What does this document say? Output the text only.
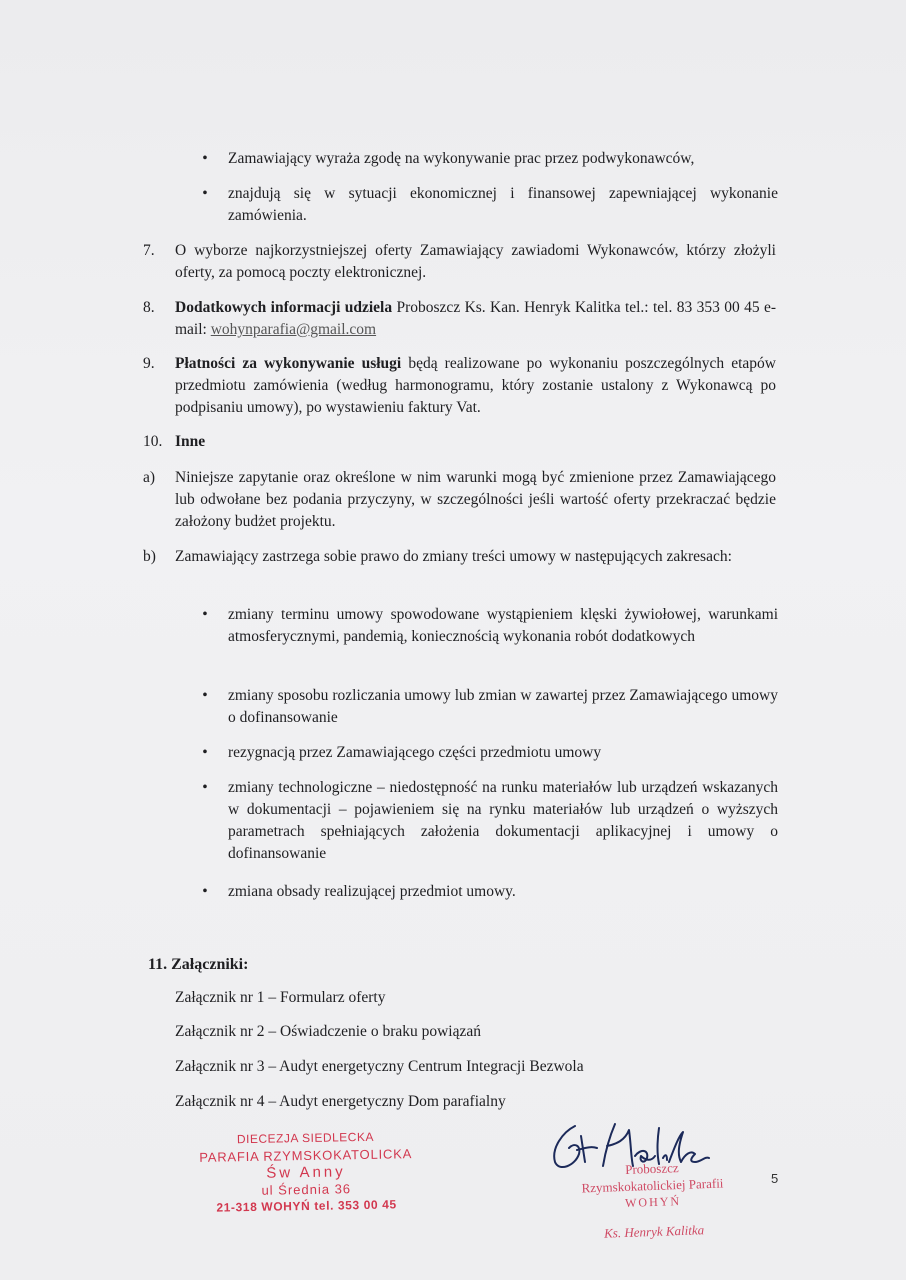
• Zamawiający wyraża zgodę na wykonywanie prac przez podwykonawców,
• znajdują się w sytuacji ekonomicznej i finansowej zapewniającej wykonanie zamówienia.
7.	O wyborze najkorzystniejszej oferty Zamawiający zawiadomi Wykonawców, którzy złożyli oferty, za pomocą poczty elektronicznej.
8.	Dodatkowych informacji udziela Proboszcz Ks. Kan. Henryk Kalitka tel.: tel. 83 353 00 45 e-mail: wohynparafia@gmail.com
9.	Płatności za wykonywanie usługi będą realizowane po wykonaniu poszczególnych etapów przedmiotu zamówienia (według harmonogramu, który zostanie ustalony z Wykonawcą po podpisaniu umowy), po wystawieniu faktury Vat.
10. Inne
a)	Niniejsze zapytanie oraz określone w nim warunki mogą być zmienione przez Zamawiającego lub odwołane bez podania przyczyny, w szczególności jeśli wartość oferty przekraczać będzie założony budżet projektu.
b)	Zamawiający zastrzega sobie prawo do zmiany treści umowy w następujących zakresach:
• zmiany terminu umowy spowodowane wystąpieniem klęski żywiołowej, warunkami atmosferycznymi, pandemią, koniecznością wykonania robót dodatkowych
• zmiany sposobu rozliczania umowy lub zmian w zawartej przez Zamawiającego umowy o dofinansowanie
• rezygnacją przez Zamawiającego części przedmiotu umowy
• zmiany technologiczne – niedostępność na runku materiałów lub urządzeń wskazanych w dokumentacji – pojawieniem się na rynku materiałów lub urządzeń o wyższych parametrach spełniających założenia dokumentacji aplikacyjnej i umowy o dofinansowanie
• zmiana obsady realizującej przedmiot umowy.
11. Załączniki:
Załącznik nr 1 – Formularz oferty
Załącznik nr 2 – Oświadczenie o braku powiązań
Załącznik nr 3 – Audyt energetyczny Centrum Integracji Bezwola
Załącznik nr 4 – Audyt energetyczny Dom parafialny
DIECEZJA SIEDLECKA
PARAFIA RZYMSKOKATOLICKA
Św Anny
ul Średnia 36
21-318 WOHYŃ tel. 353 00 45
Proboszcz
Rzymskokatolickiej Parafii
WOHYŃ
Ks. Henryk Kalitka
5
